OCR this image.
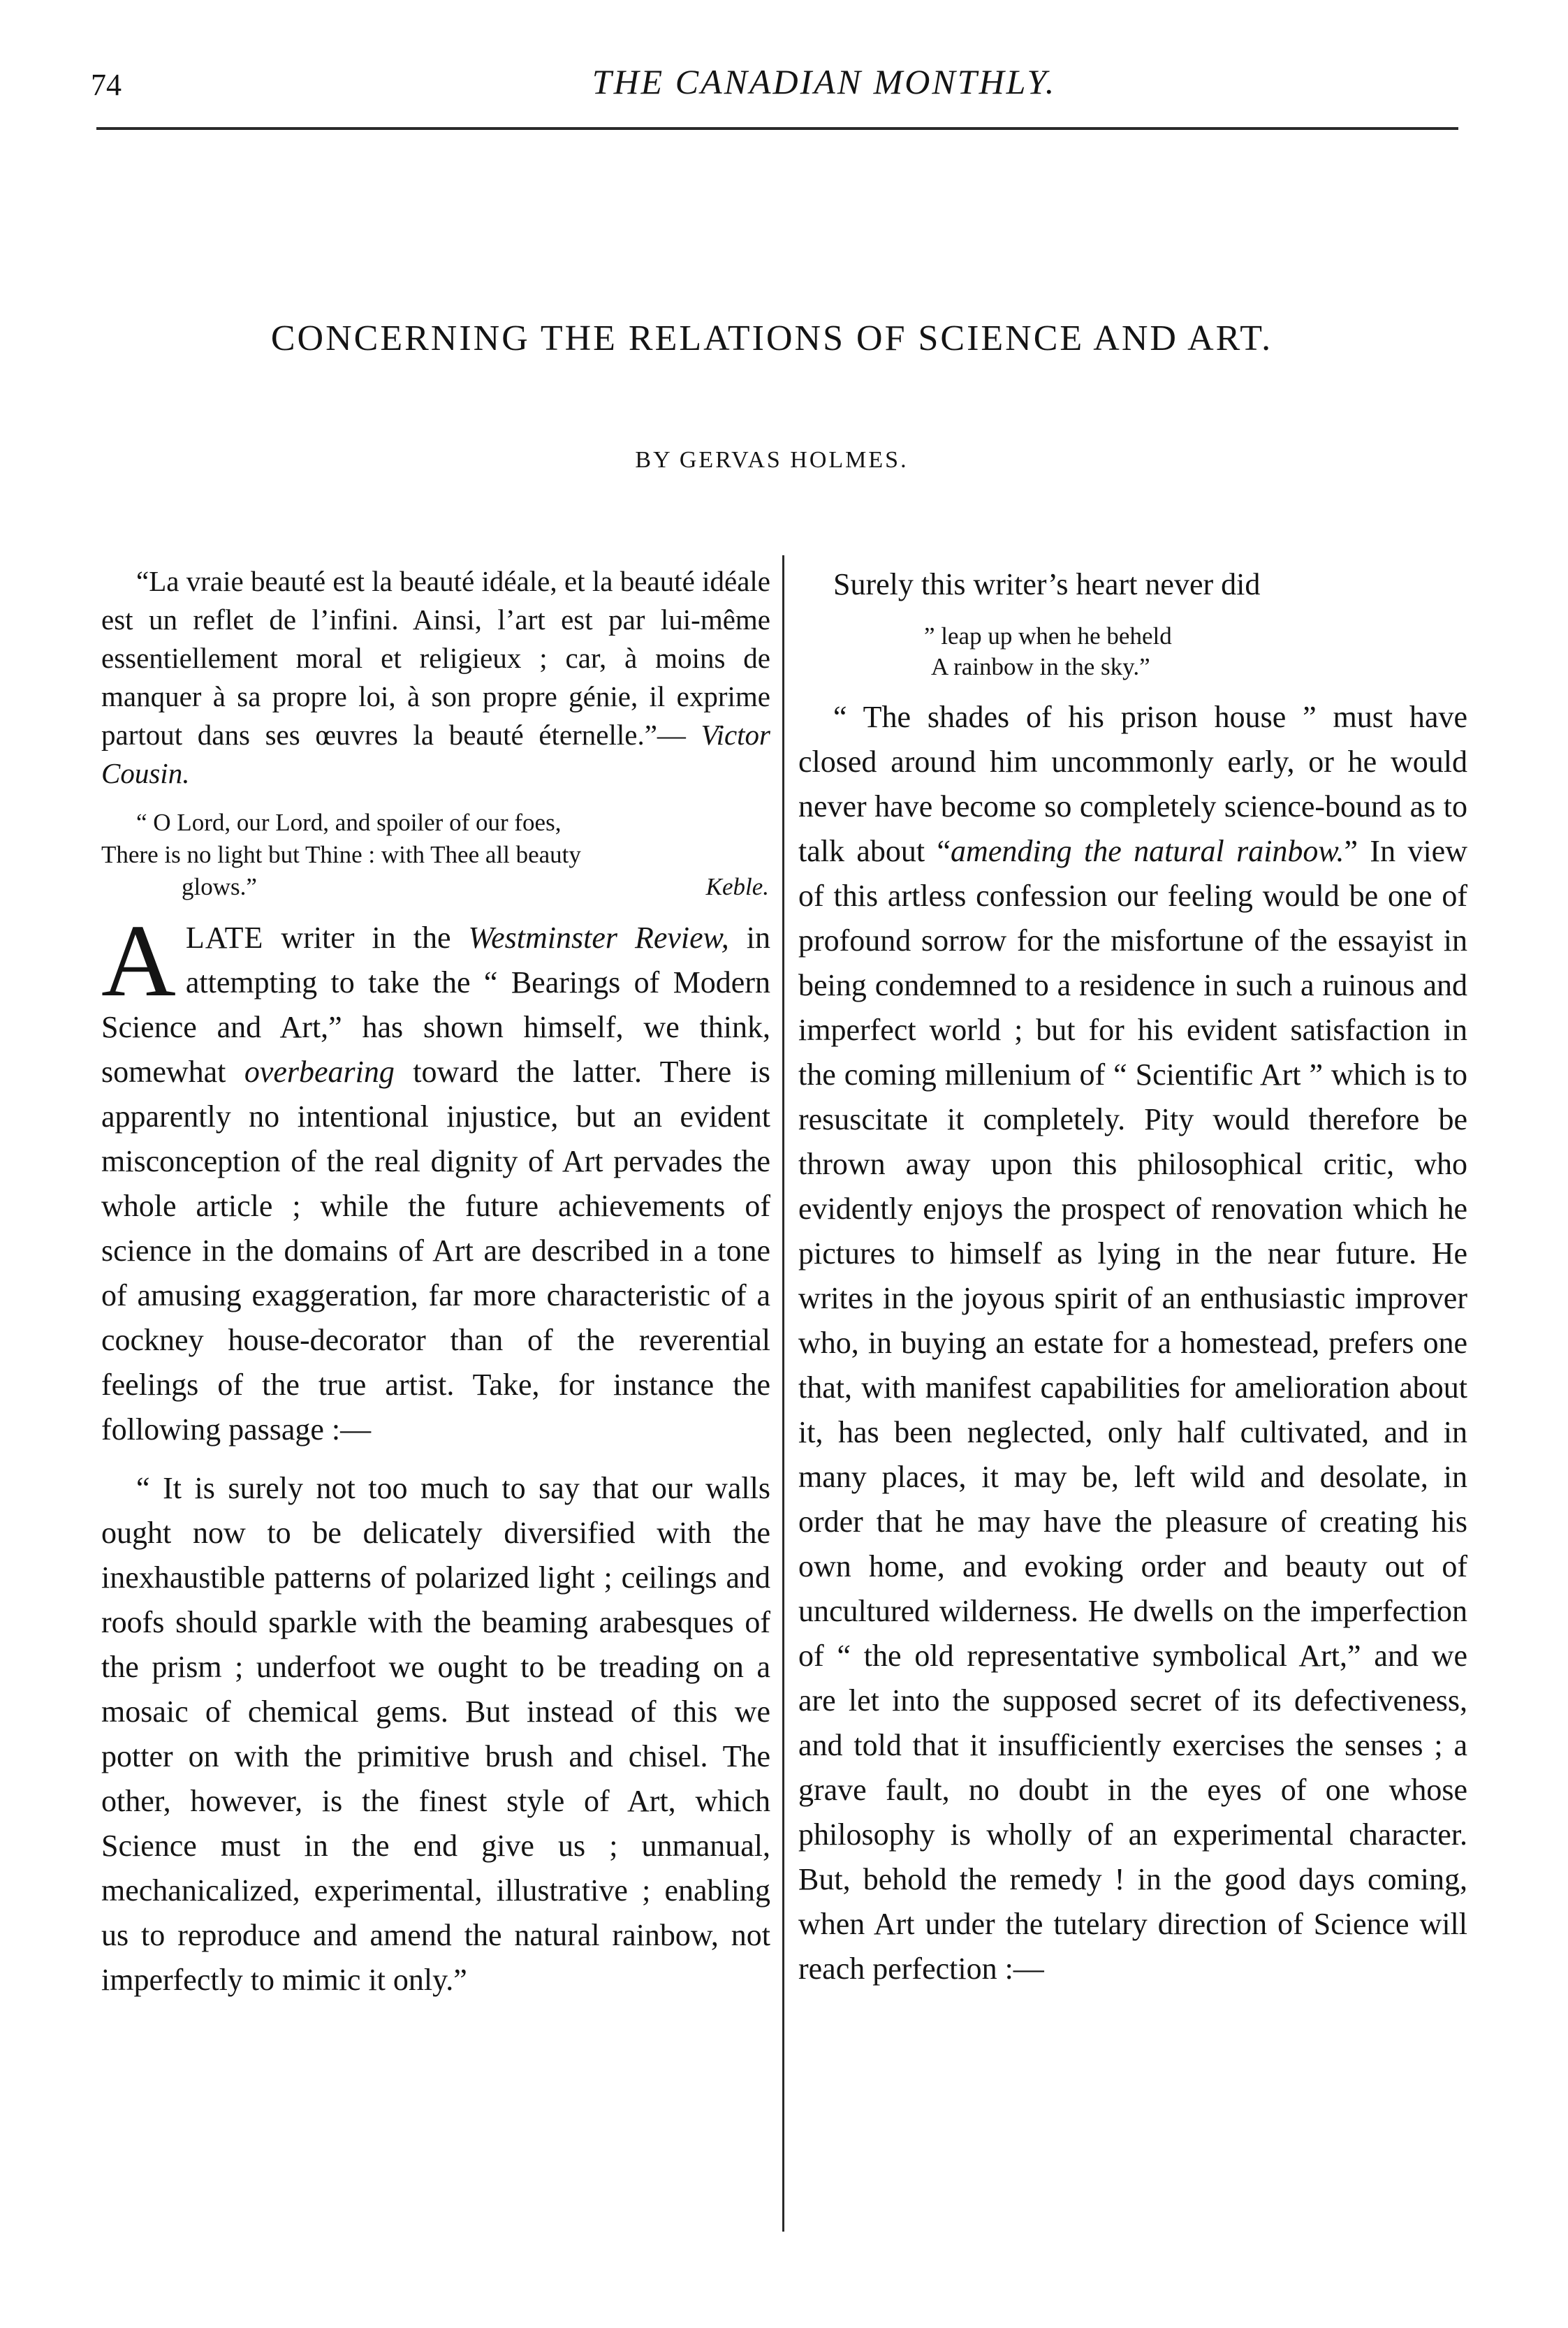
74	THE CANADIAN MONTHLY.
CONCERNING THE RELATIONS OF SCIENCE AND ART.
BY GERVAS HOLMES.

“La vraie beauté est la beauté idéale, et la beauté idéale est un reflet de l’infini. Ainsi, l’art est par lui-même essentiellement moral et religieux ; car, à moins de manquer à sa propre loi, à son propre génie, il exprime partout dans ses œuvres la beauté éternelle.”— Victor Cousin.

“ O Lord, our Lord, and spoiler of our foes,
There is no light but Thine : with Thee all beauty
glows.”	Keble.

ALATE writer in the Westminster Review, in attempting to take the “ Bearings of Modern Science and Art,” has shown himself, we think, somewhat overbearing toward the latter. There is apparently no intentional injustice, but an evident misconception of the real dignity of Art pervades the whole article ; while the future achievements of science in the domains of Art are described in a tone of amusing exaggeration, far more characteristic of a cockney house-decorator than of the reverential feelings of the true artist. Take, for instance the following passage :—

“ It is surely not too much to say that our walls ought now to be delicately diversified with the inexhaustible patterns of polarized light ; ceilings and roofs should sparkle with the beaming arabesques of the prism ; underfoot we ought to be treading on a mosaic of chemical gems. But instead of this we potter on with the primitive brush and chisel. The other, however, is the finest style of Art, which Science must in the end give us ; unmanual, mechanicalized, experimental, illustrative ; enabling us to reproduce and amend the natural rainbow, not imperfectly to mimic it only.”

Surely this writer’s heart never did

” leap up when he beheld
A rainbow in the sky.”

“ The shades of his prison house ” must have closed around him uncommonly early, or he would never have become so completely science-bound as to talk about “amending the natural rainbow.” In view of this artless confession our feeling would be one of profound sorrow for the misfortune of the essayist in being condemned to a residence in such a ruinous and imperfect world ; but for his evident satisfaction in the coming millenium of “ Scientific Art ” which is to resuscitate it completely. Pity would therefore be thrown away upon this philosophical critic, who evidently enjoys the prospect of renovation which he pictures to himself as lying in the near future. He writes in the joyous spirit of an enthusiastic improver who, in buying an estate for a homestead, prefers one that, with manifest capabilities for amelioration about it, has been neglected, only half cultivated, and in many places, it may be, left wild and desolate, in order that he may have the pleasure of creating his own home, and evoking order and beauty out of uncultured wilderness. He dwells on the imperfection of “ the old representative symbolical Art,” and we are let into the supposed secret of its defectiveness, and told that it insufficiently exercises the senses ; a grave fault, no doubt in the eyes of one whose philosophy is wholly of an experimental character. But, behold the remedy ! in the good days coming, when Art under the tutelary direction of Science will reach perfection :—
